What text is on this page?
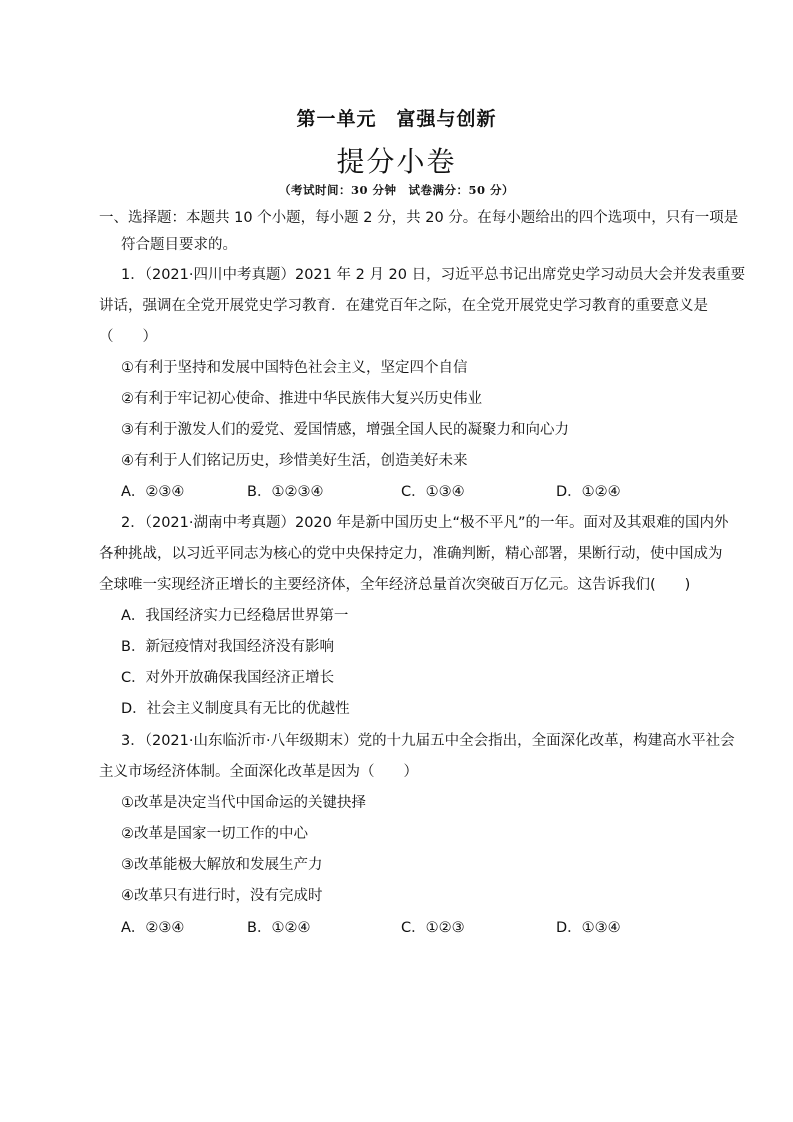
第一单元　富强与创新
提分小卷
（考试时间：30 分钟　试卷满分：50 分）
一、选择题：本题共 10 个小题，每小题 2 分，共 20 分。在每小题给出的四个选项中，只有一项是
符合题目要求的。
1．（2021·四川中考真题）2021 年 2 月 20 日，习近平总书记出席党史学习动员大会并发表重要
讲话，强调在全党开展党史学习教育．在建党百年之际，在全党开展党史学习教育的重要意义是
（　　）
①有利于坚持和发展中国特色社会主义，坚定四个自信
②有利于牢记初心使命、推进中华民族伟大复兴历史伟业
③有利于激发人们的爱党、爱国情感，增强全国人民的凝聚力和向心力
④有利于人们铭记历史，珍惜美好生活，创造美好未来
A．②③④	B．①②③④	C．①③④	D．①②④
2．（2021·湖南中考真题）2020 年是新中国历史上“极不平凡”的一年。面对及其艰难的国内外
各种挑战，以习近平同志为核心的党中央保持定力，准确判断，精心部署，果断行动，使中国成为
全球唯一实现经济正增长的主要经济体，全年经济总量首次突破百万亿元。这告诉我们(　　)
A．我国经济实力已经稳居世界第一
B．新冠疫情对我国经济没有影响
C．对外开放确保我国经济正增长
D．社会主义制度具有无比的优越性
3．（2021·山东临沂市·八年级期末）党的十九届五中全会指出，全面深化改革，构建高水平社会
主义市场经济体制。全面深化改革是因为（　　）
①改革是决定当代中国命运的关键抉择
②改革是国家一切工作的中心
③改革能极大解放和发展生产力
④改革只有进行时，没有完成时
A．②③④	B．①②④	C．①②③	D．①③④
